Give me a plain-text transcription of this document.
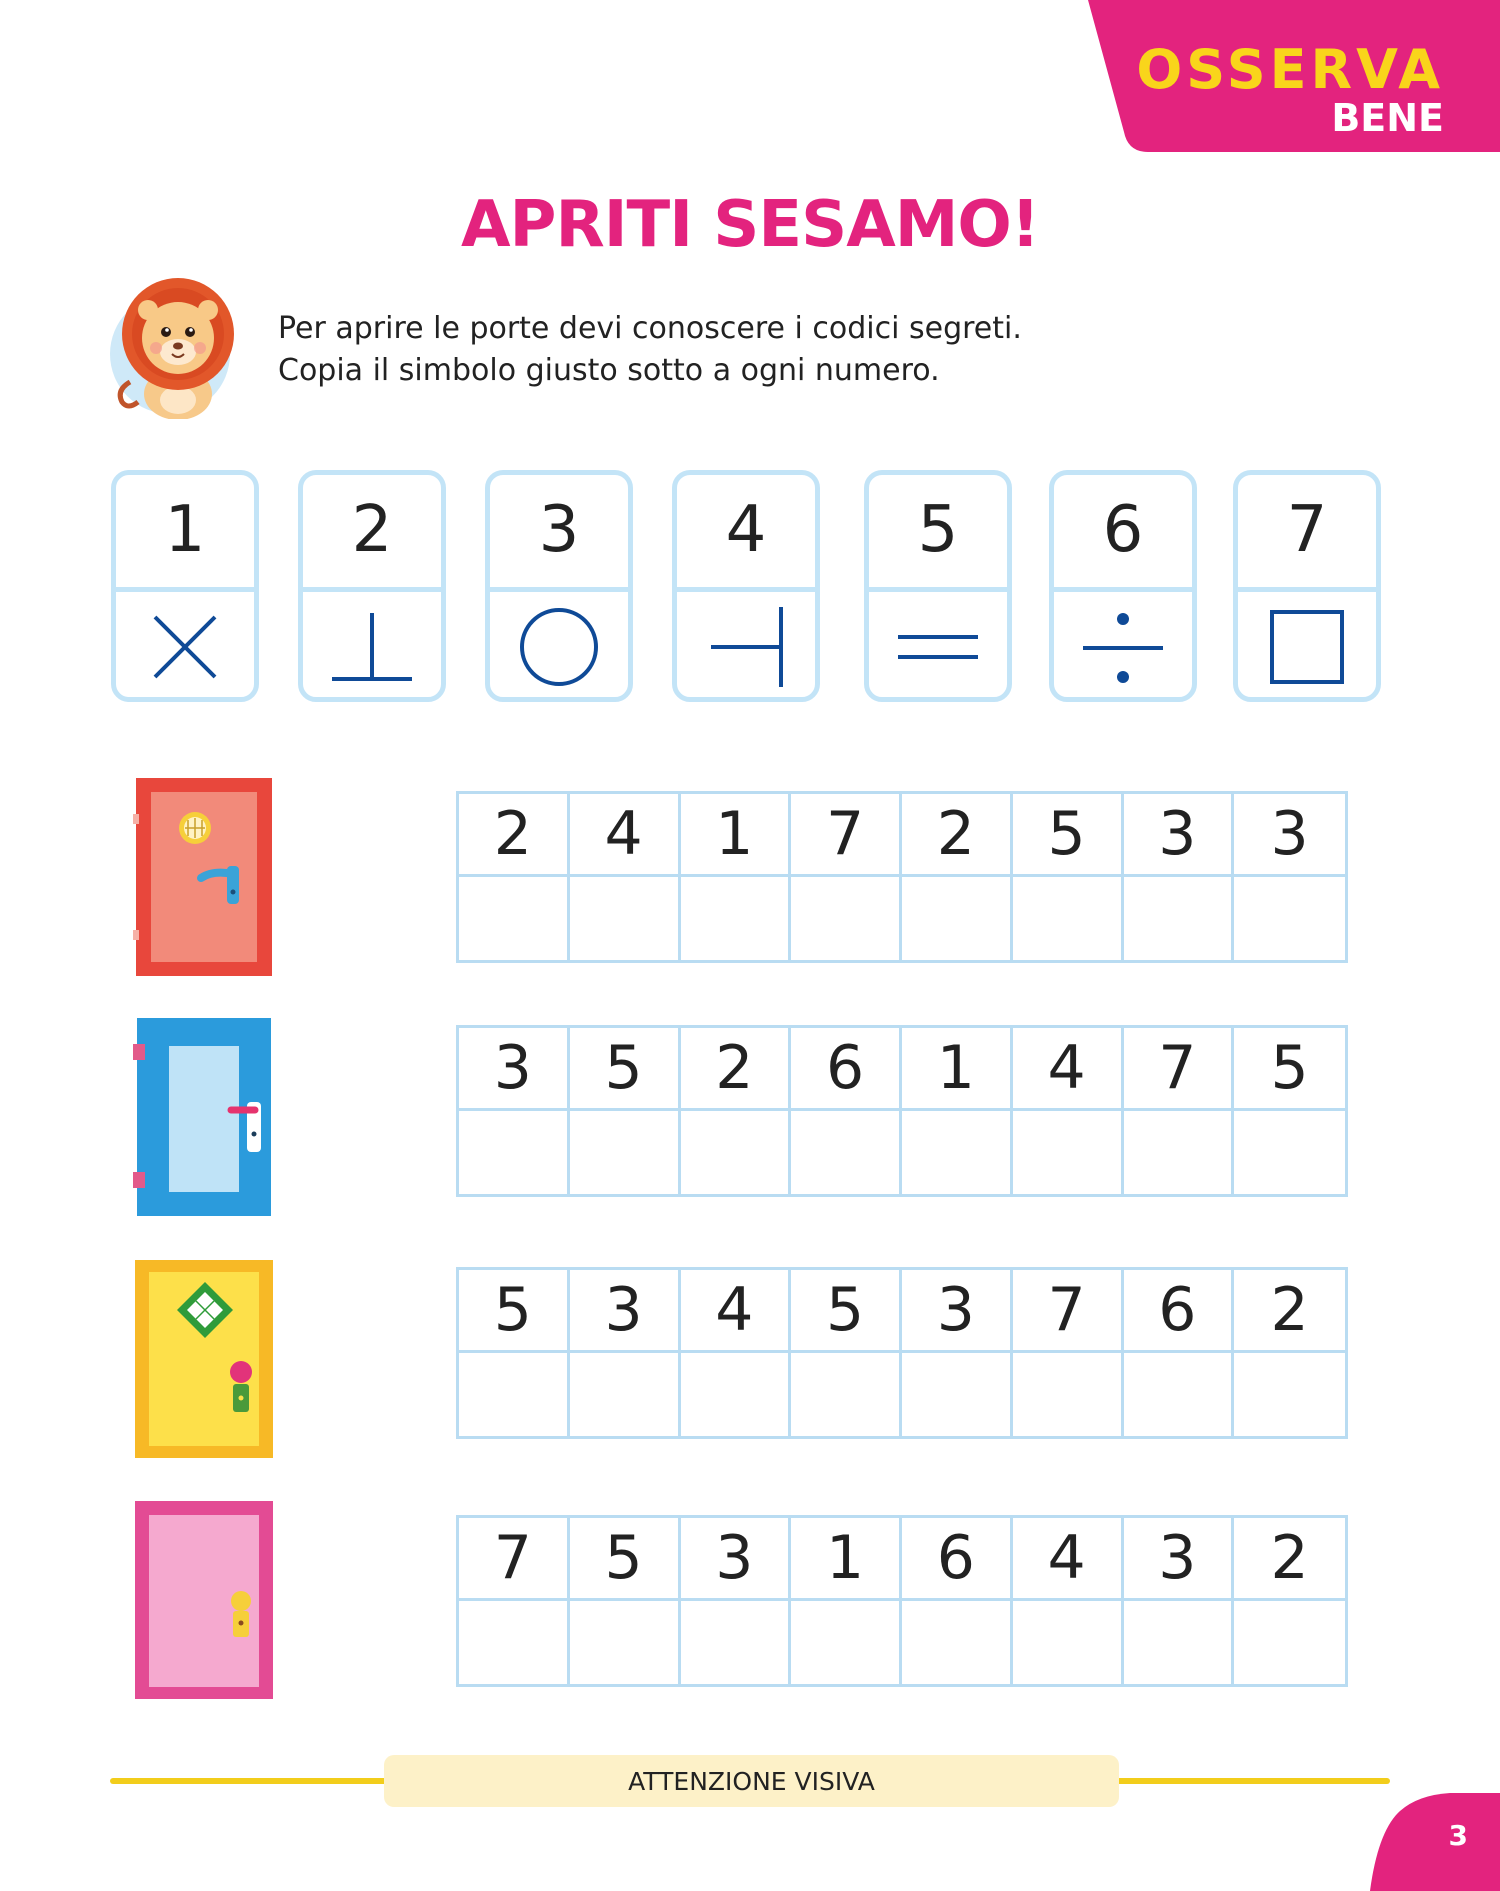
OSSERVA
BENE
APRITI SESAMO!
Per aprire le porte devi conoscere i codici segreti.
Copia il simbolo giusto sotto a ogni numero.
1	2	3	4	5	6	7
2	4	1	7	2	5	3	3
3	5	2	6	1	4	7	5
5	3	4	5	3	7	6	2
7	5	3	1	6	4	3	2
ATTENZIONE VISIVA
3
